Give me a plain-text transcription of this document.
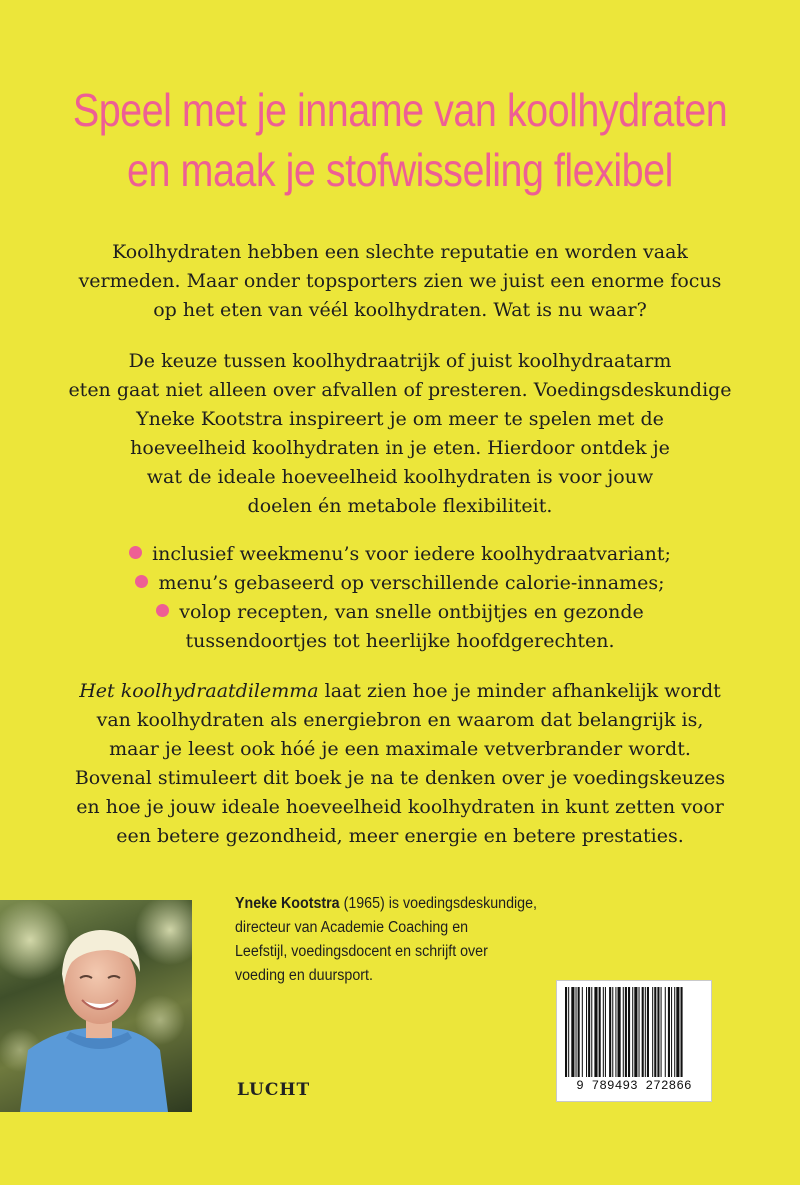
Speel met je inname van koolhydraten
en maak je stofwisseling flexibel

Koolhydraten hebben een slechte reputatie en worden vaak
vermeden. Maar onder topsporters zien we juist een enorme focus
op het eten van véél koolhydraten. Wat is nu waar?

De keuze tussen koolhydraatrijk of juist koolhydraatarm
eten gaat niet alleen over afvallen of presteren. Voedingsdeskundige
Yneke Kootstra inspireert je om meer te spelen met de
hoeveelheid koolhydraten in je eten. Hierdoor ontdek je
wat de ideale hoeveelheid koolhydraten is voor jouw
doelen én metabole flexibiliteit.

inclusief weekmenu’s voor iedere koolhydraatvariant;
menu’s gebaseerd op verschillende calorie-innames;
volop recepten, van snelle ontbijtjes en gezonde
tussendoortjes tot heerlijke hoofdgerechten.

Het koolhydraatdilemma laat zien hoe je minder afhankelijk wordt
van koolhydraten als energiebron en waarom dat belangrijk is,
maar je leest ook hóé je een maximale vetverbrander wordt.
Bovenal stimuleert dit boek je na te denken over je voedingskeuzes
en hoe je jouw ideale hoeveelheid koolhydraten in kunt zetten voor
een betere gezondheid, meer energie en betere prestaties.

Yneke Kootstra (1965) is voedingsdeskundige,
directeur van Academie Coaching en
Leefstijl, voedingsdocent en schrijft over
voeding en duursport.
LUCHT	9 789493 272866
